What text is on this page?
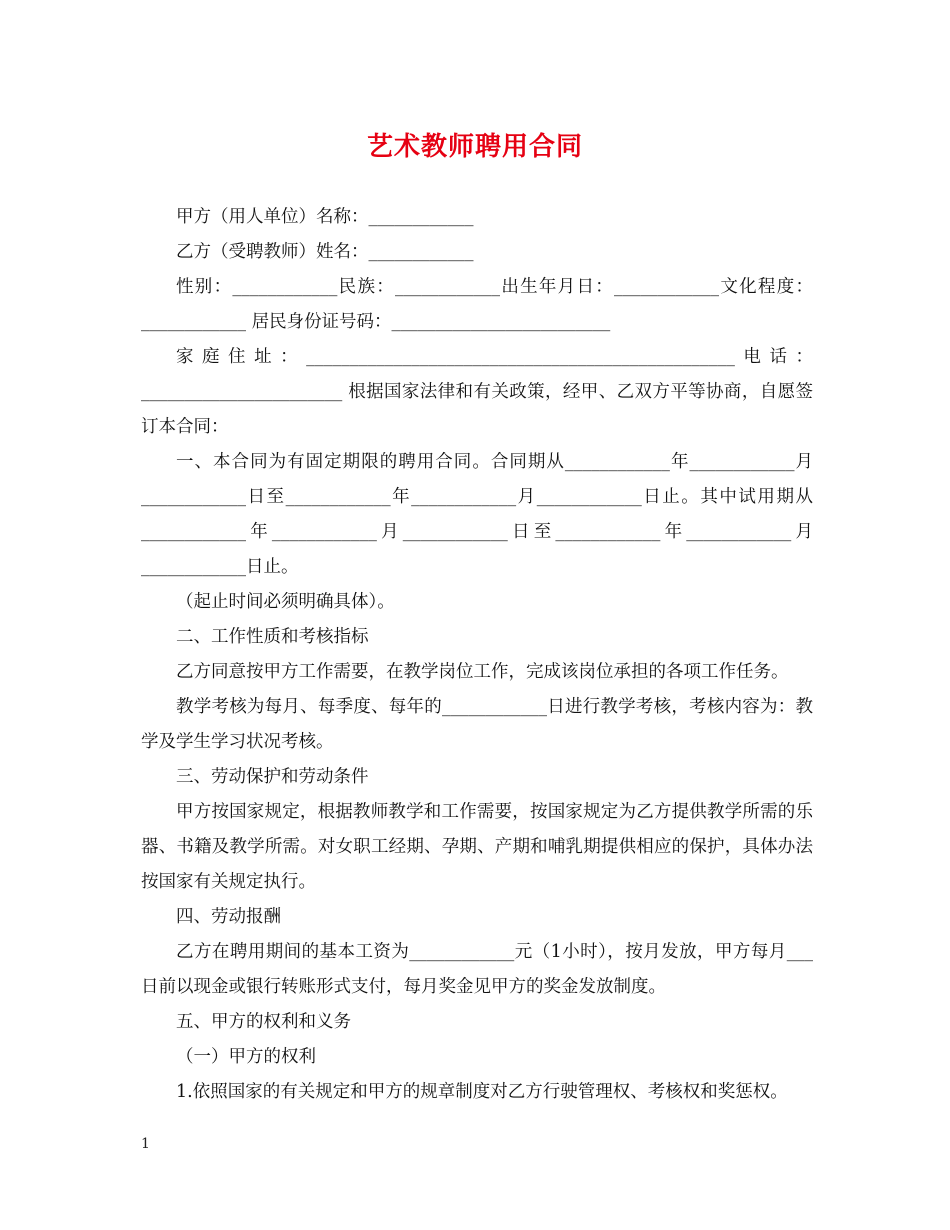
艺术教师聘用合同

甲方（用人单位）名称：____________

乙方（受聘教师）姓名：____________

性别：____________民族：____________出生年月日：____________文化程度：____________ 居民身份证号码：_________________________

家庭住址：_________________________________________________电话：_______________________ 根据国家法律和有关政策，经甲、乙双方平等协商，自愿签订本合同：

一、本合同为有固定期限的聘用合同。合同期从____________年____________月____________日至____________年____________月____________日止。其中试用期从____________年____________月____________日至____________年____________月____________日止。

（起止时间必须明确具体）。

二、工作性质和考核指标

乙方同意按甲方工作需要，在教学岗位工作，完成该岗位承担的各项工作任务。

教学考核为每月、每季度、每年的____________日进行教学考核，考核内容为：教学及学生学习状况考核。

三、劳动保护和劳动条件

甲方按国家规定，根据教师教学和工作需要，按国家规定为乙方提供教学所需的乐器、书籍及教学所需。对女职工经期、孕期、产期和哺乳期提供相应的保护，具体办法按国家有关规定执行。

四、劳动报酬

乙方在聘用期间的基本工资为____________元（1小时），按月发放，甲方每月___日前以现金或银行转账形式支付，每月奖金见甲方的奖金发放制度。

五、甲方的权利和义务

（一）甲方的权利

1.依照国家的有关规定和甲方的规章制度对乙方行驶管理权、考核权和奖惩权。

1
